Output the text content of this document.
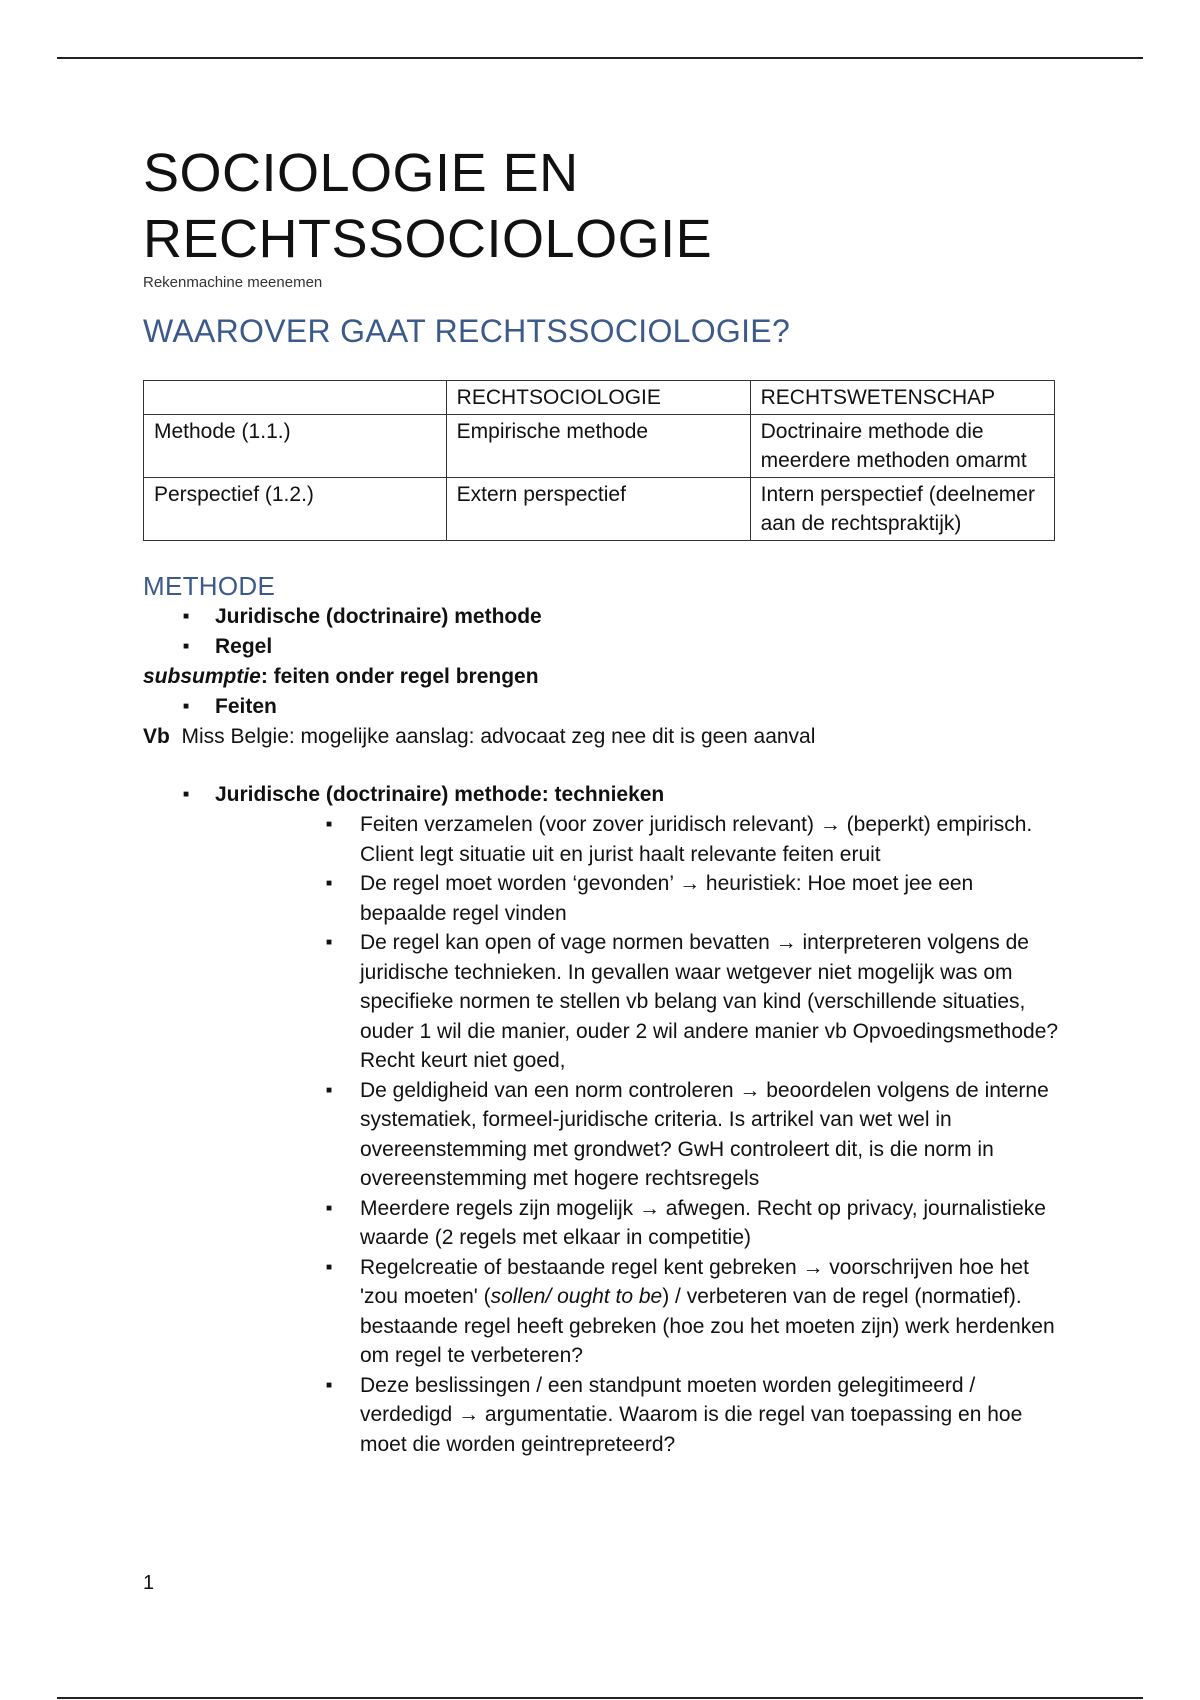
SOCIOLOGIE EN
RECHTSSOCIOLOGIE

Rekenmachine meenemen

WAAROVER GAAT RECHTSSOCIOLOGIE?
	RECHTSOCIOLOGIE	RECHTSWETENSCHAP
Methode (1.1.)	Empirische methode	Doctrinaire methode die meerdere methoden omarmt
Perspectief (1.2.)	Extern perspectief	Intern perspectief (deelnemer aan de rechtspraktijk)
METHODE
■ Juridische (doctrinaire) methode
■ Regel

subsumptie: feiten onder regel brengen

■ Feiten

Vb Miss Belgie: mogelijke aanslag: advocaat zeg nee dit is geen aanval

■ Juridische (doctrinaire) methode: technieken
■ Feiten verzamelen (voor zover juridisch relevant) → (beperkt) empirisch. Client legt situatie uit en jurist haalt relevante feiten eruit
■ De regel moet worden ‘gevonden’ → heuristiek: Hoe moet jee een bepaalde regel vinden
■ De regel kan open of vage normen bevatten → interpreteren volgens de juridische technieken. In gevallen waar wetgever niet mogelijk was om specifieke normen te stellen vb belang van kind (verschillende situaties, ouder 1 wil die manier, ouder 2 wil andere manier vb Opvoedingsmethode? Recht keurt niet goed,
■ De geldigheid van een norm controleren → beoordelen volgens de interne systematiek, formeel-juridische criteria. Is artrikel van wet wel in overeenstemming met grondwet? GwH controleert dit, is die norm in overeenstemming met hogere rechtsregels
■ Meerdere regels zijn mogelijk → afwegen. Recht op privacy, journalistieke waarde (2 regels met elkaar in competitie)
■ Regelcreatie of bestaande regel kent gebreken → voorschrijven hoe het 'zou moeten' (sollen/ ought to be) / verbeteren van de regel (normatief). bestaande regel heeft gebreken (hoe zou het moeten zijn) werk herdenken om regel te verbeteren?
■ Deze beslissingen / een standpunt moeten worden gelegitimeerd / verdedigd → argumentatie. Waarom is die regel van toepassing en hoe moet die worden geintrepreteerd?
1
